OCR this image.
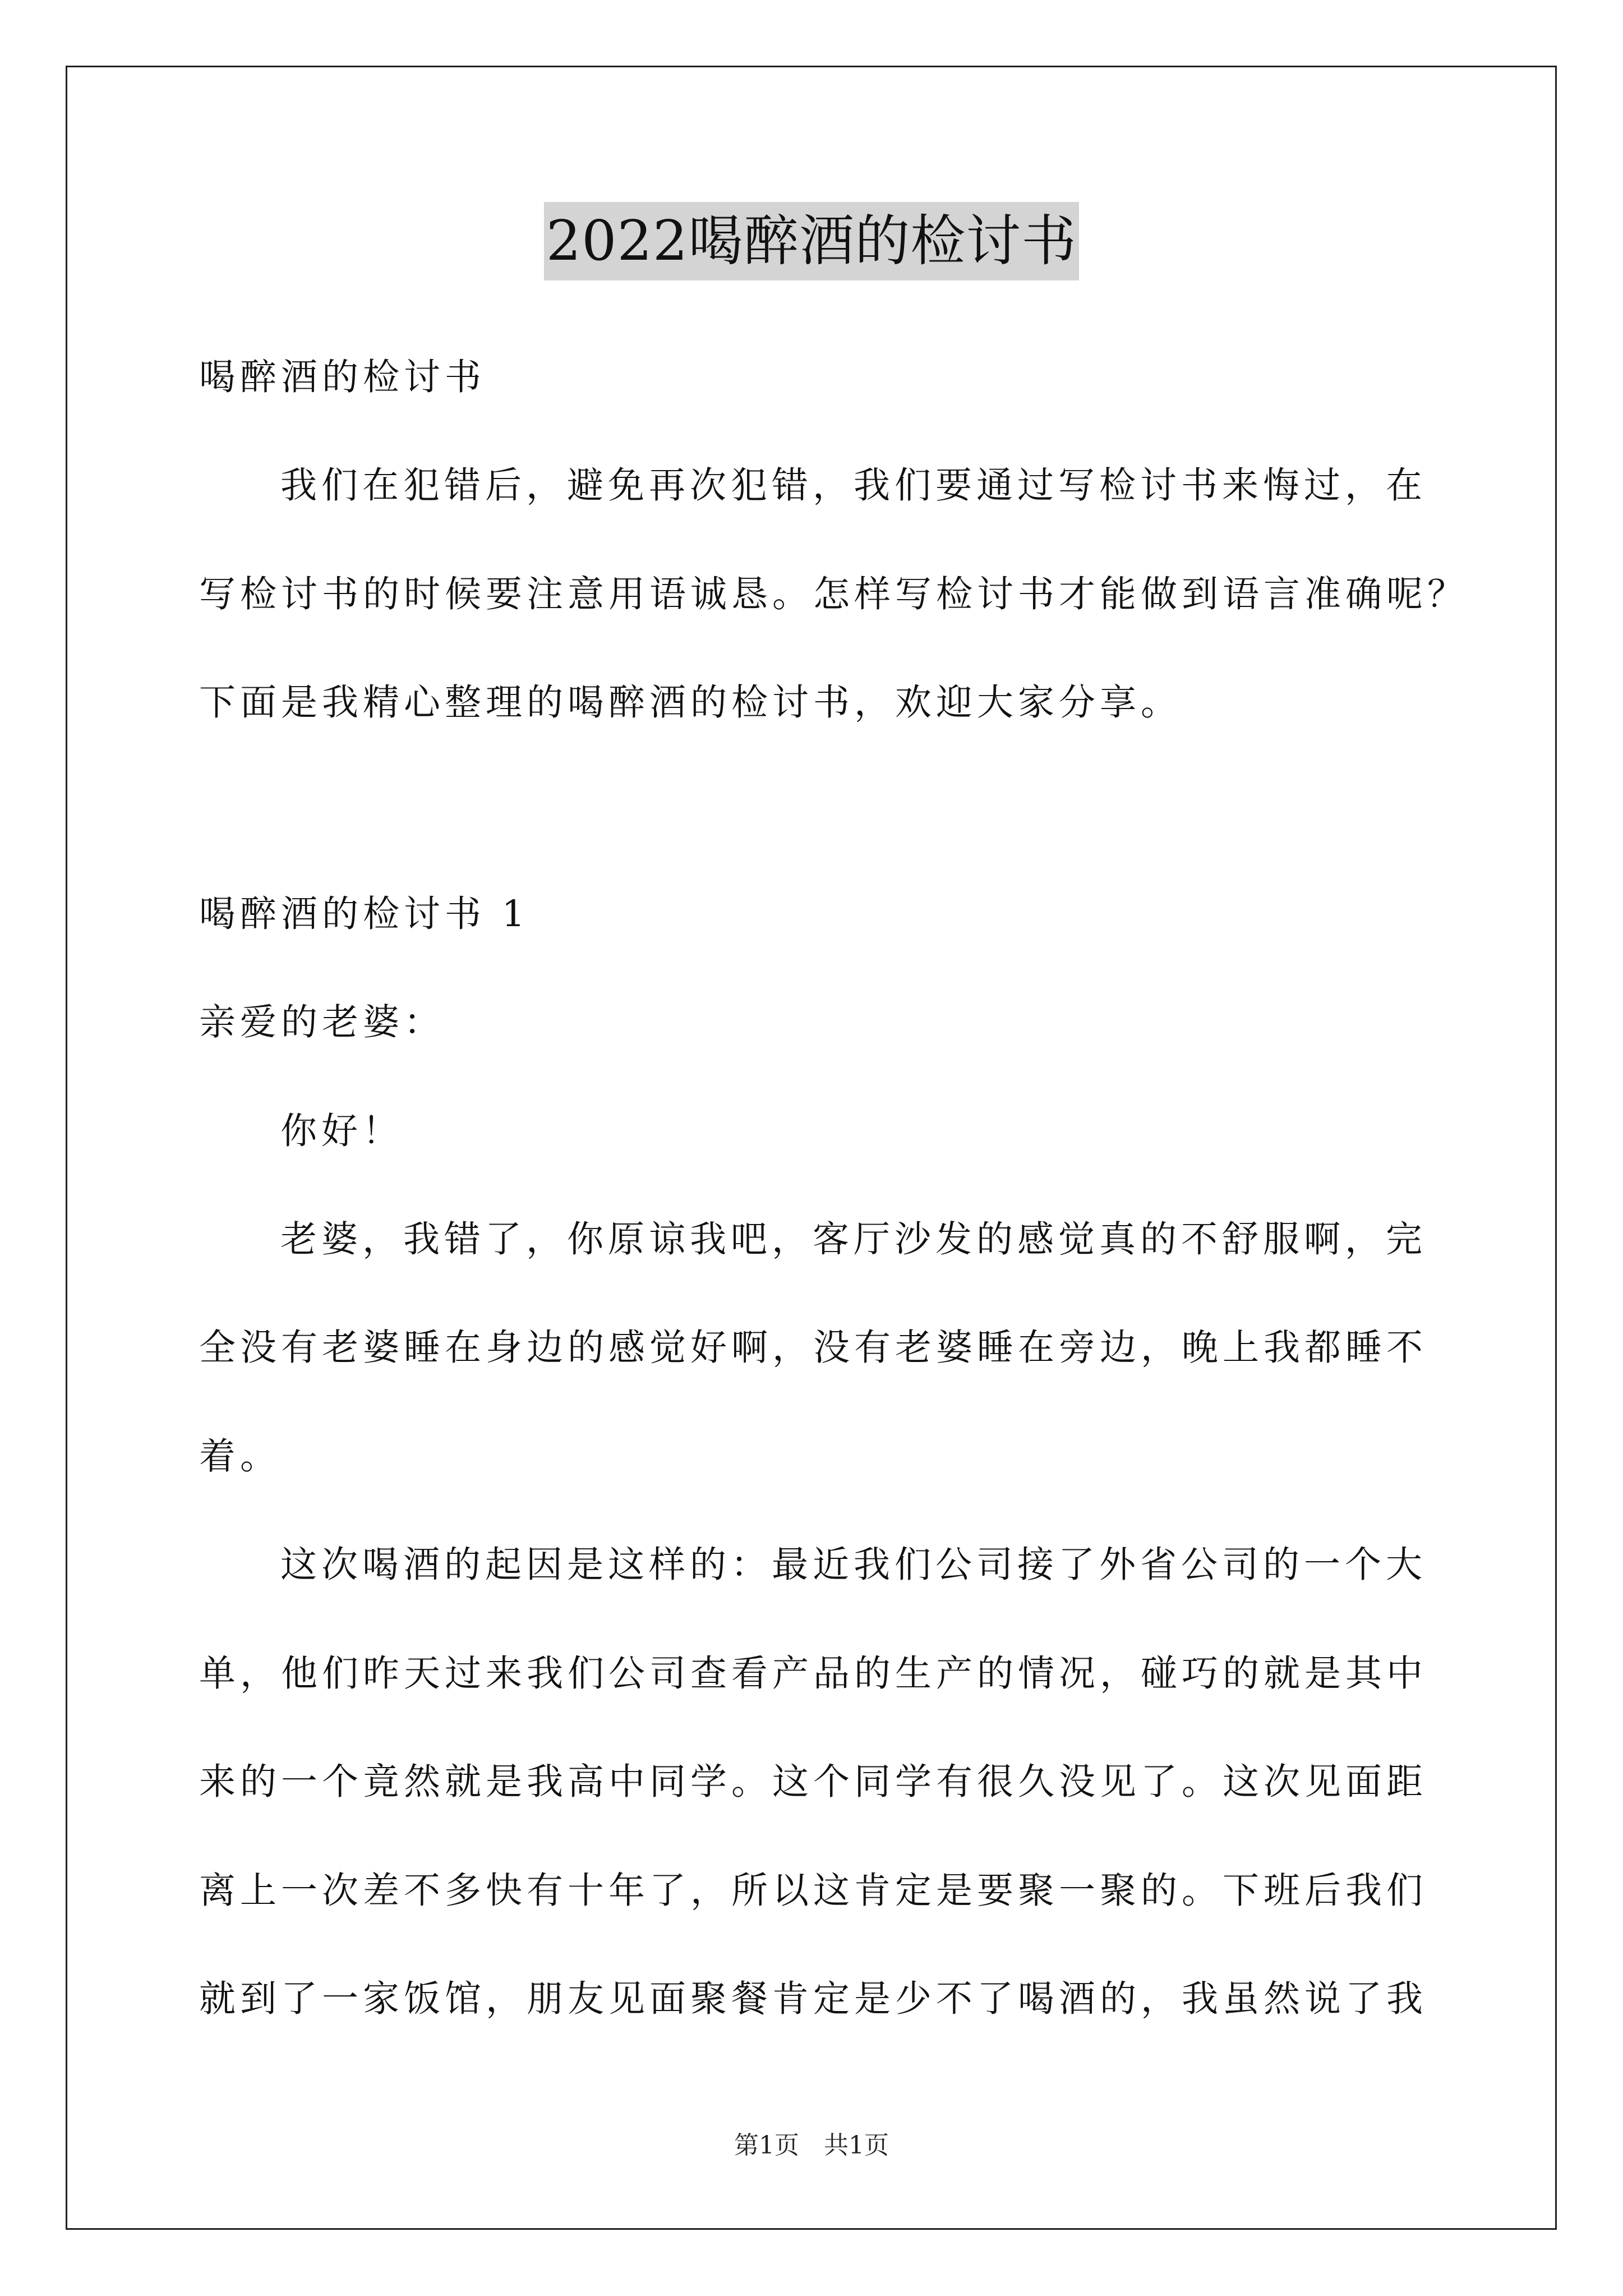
2022喝醉酒的检讨书
喝醉酒的检讨书
我们在犯错后，避免再次犯错，我们要通过写检讨书来悔过，在
写检讨书的时候要注意用语诚恳。怎样写检讨书才能做到语言准确呢？
下面是我精心整理的喝醉酒的检讨书，欢迎大家分享。
喝醉酒的检讨书 1
亲爱的老婆：
你好！
老婆，我错了，你原谅我吧，客厅沙发的感觉真的不舒服啊，完
全没有老婆睡在身边的感觉好啊，没有老婆睡在旁边，晚上我都睡不
着。
这次喝酒的起因是这样的：最近我们公司接了外省公司的一个大
单，他们昨天过来我们公司查看产品的生产的情况，碰巧的就是其中
来的一个竟然就是我高中同学。这个同学有很久没见了。这次见面距
离上一次差不多快有十年了，所以这肯定是要聚一聚的。下班后我们
就到了一家饭馆，朋友见面聚餐肯定是少不了喝酒的，我虽然说了我
第1页　共1页
